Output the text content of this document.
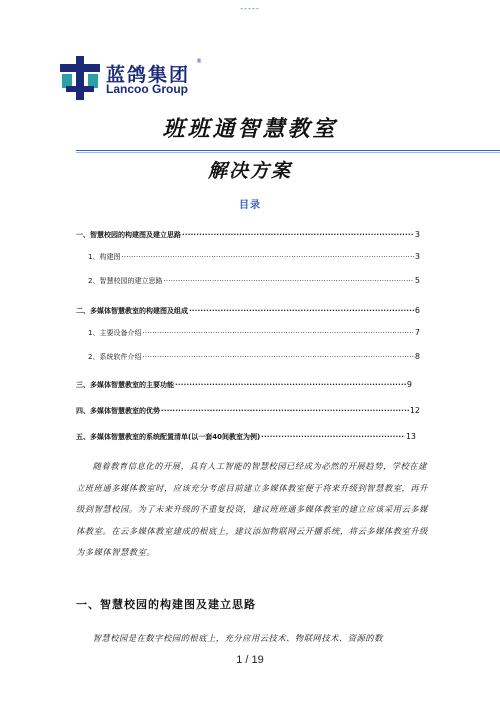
-----
蓝鸽集团
®
Lancoo Group
班班通智慧教室
解决方案
目录
一、智慧校园的构建图及建立思路 ·····	3
1、构建图 ·····	3
2、智慧校园的建立思路 ·····	5
二、多媒体智慧教室的构建图及组成 ·····	6
1、主要设备介绍 ·····	7
2、系统软件介绍 ·····	8
三、多媒体智慧教室的主要功能 ·····	9
四、多媒体智慧教室的优势 ·····	12
五、多媒体智慧教室的系统配置清单(以一套40间教室为例) ·····	13
随着教育信息化的开展，具有人工智能的智慧校园已经成为必然的开展趋势，学校在建立班班通多媒体教室时，应该充分考虑目前建立多媒体教室便于将来升级到智慧教室，再升级到智慧校园。为了未来升级的不重复投资，建议班班通多媒体教室的建立应该采用云多媒体教室。在云多媒体教室建成的根底上，建议添加物联网云开播系统，将云多媒体教室升级为多媒体智慧教室。
一、智慧校园的构建图及建立思路
智慧校园是在数字校园的根底上，充分应用云技术、物联网技术、资源的数
1 / 19
